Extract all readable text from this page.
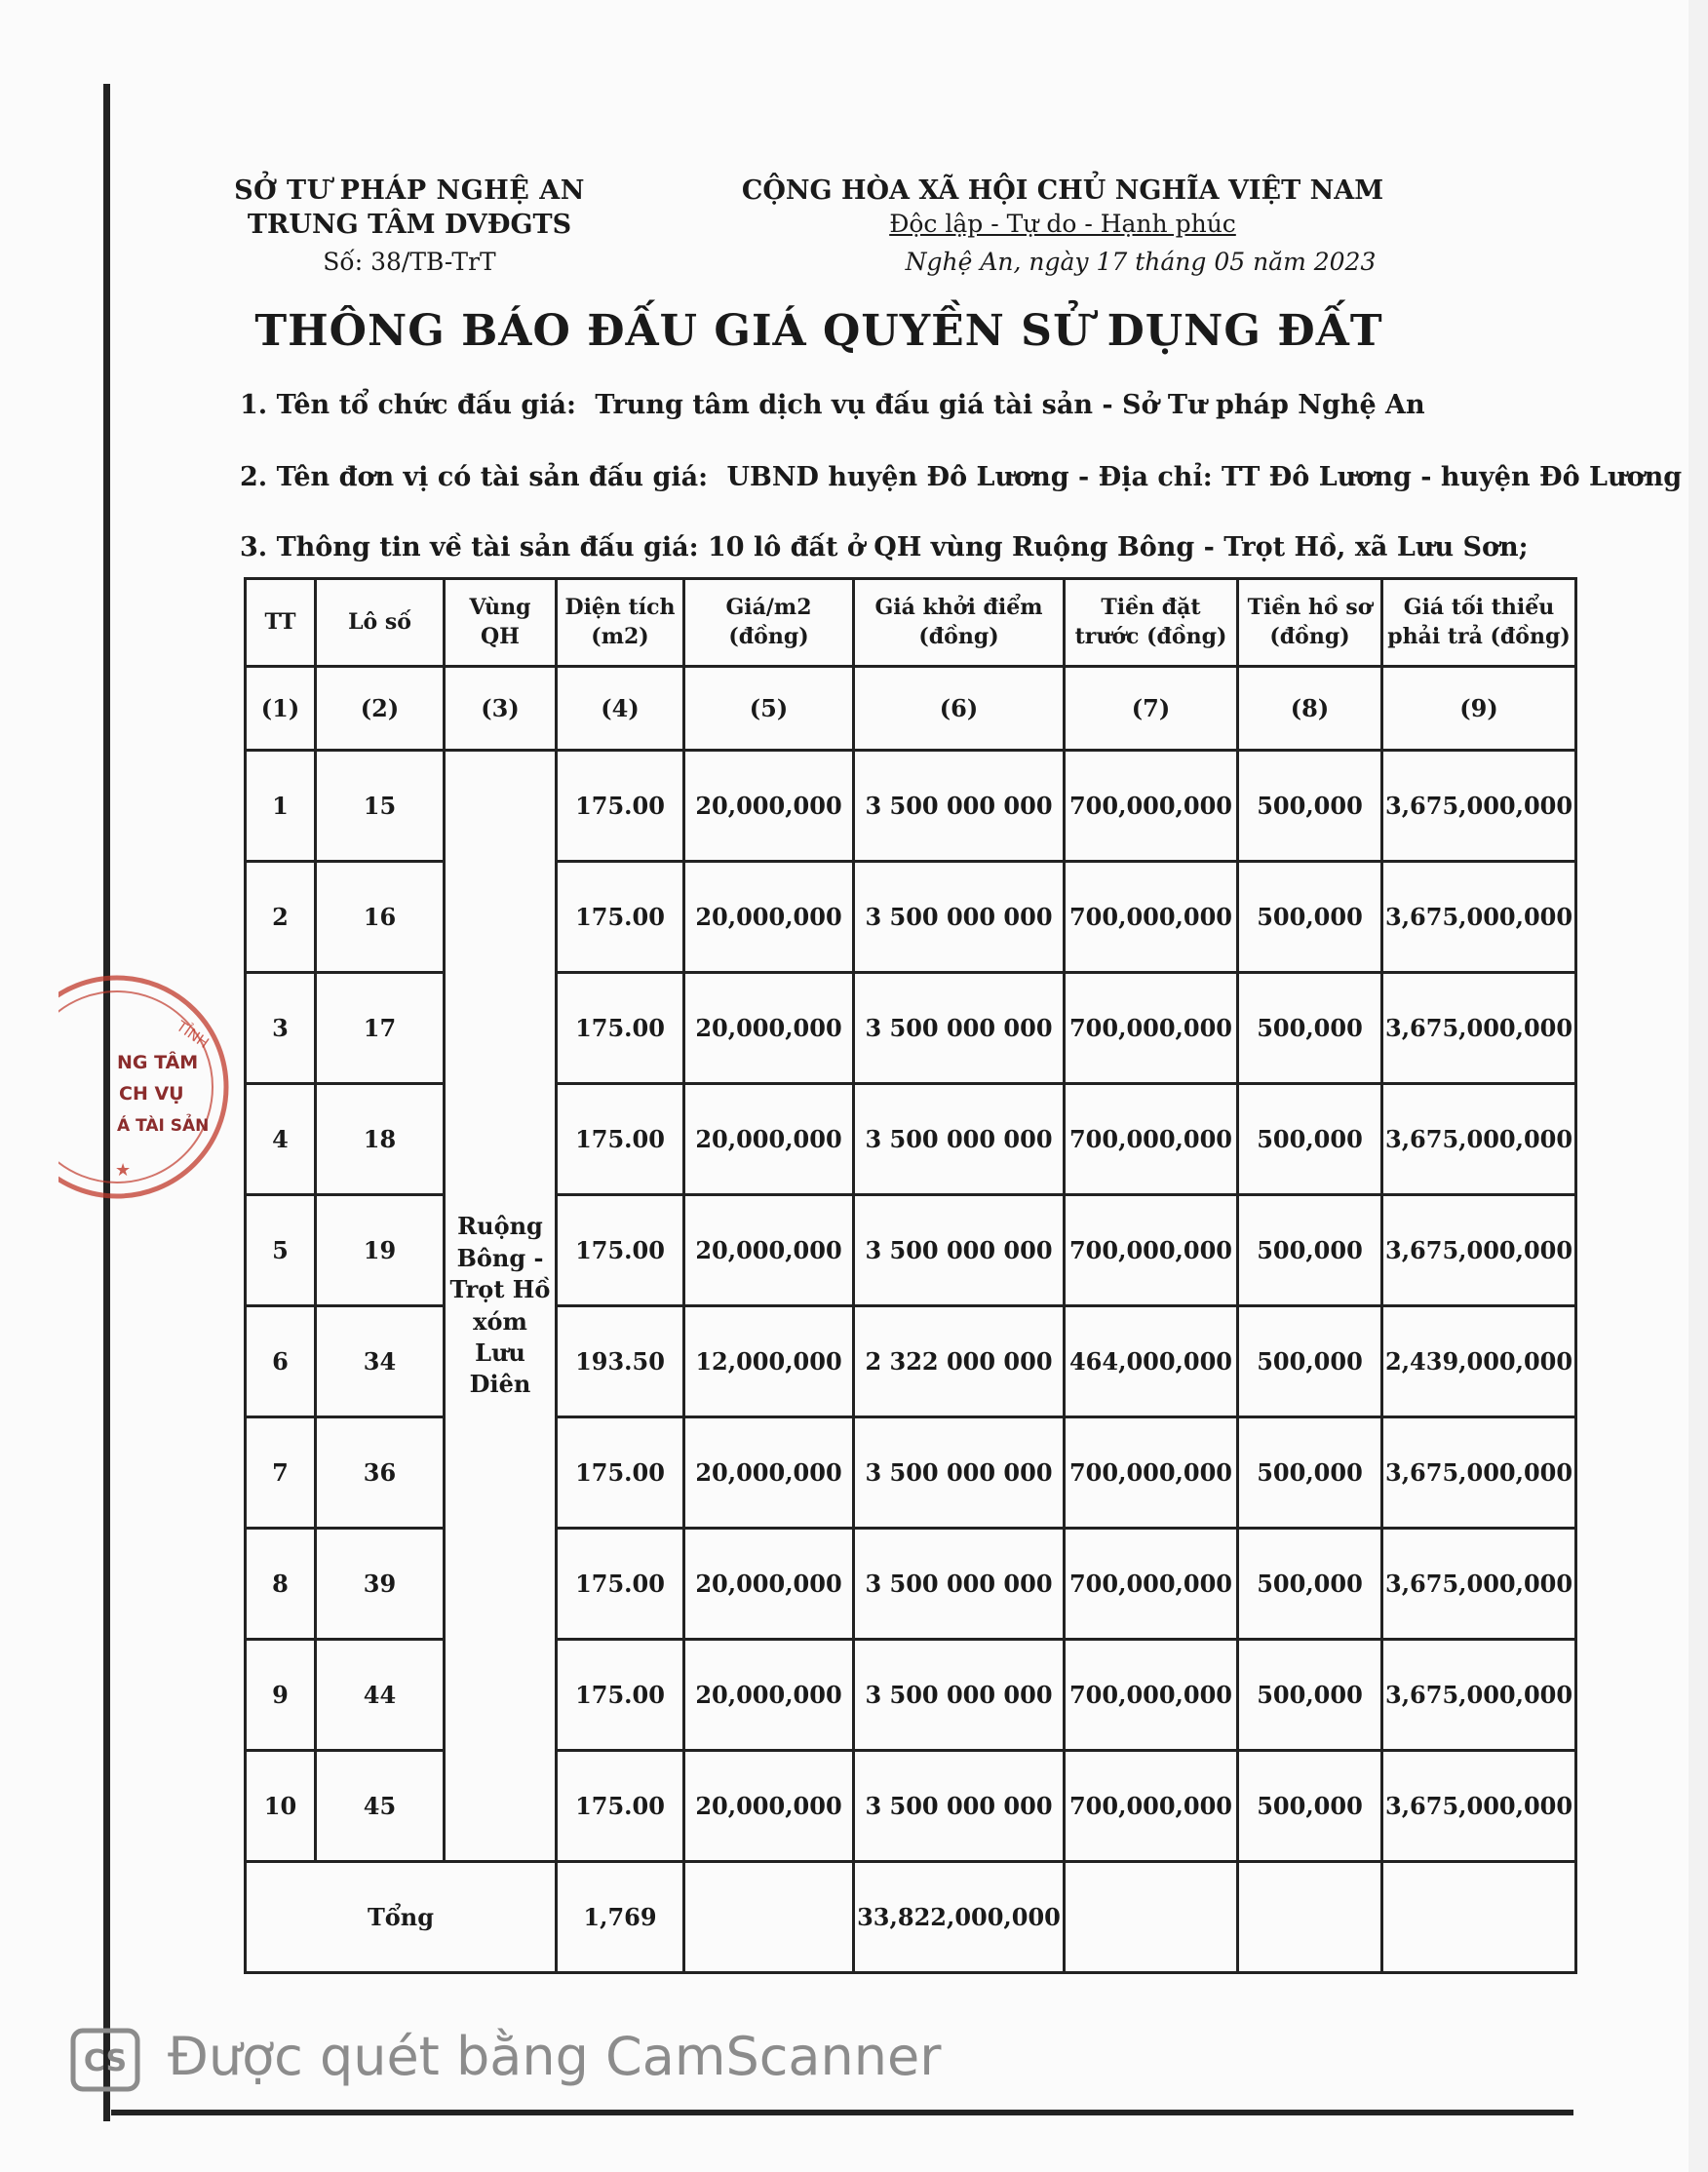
SỞ TƯ PHÁP NGHỆ AN
TRUNG TÂM DVĐGTS
Số: 38/TB-TrT
CỘNG HÒA XÃ HỘI CHỦ NGHĨA VIỆT NAM
Độc lập - Tự do - Hạnh phúc
Nghệ An, ngày 17 tháng 05 năm 2023
THÔNG BÁO ĐẤU GIÁ QUYỀN SỬ DỤNG ĐẤT
1. Tên tổ chức đấu giá: Trung tâm dịch vụ đấu giá tài sản - Sở Tư pháp Nghệ An
2. Tên đơn vị có tài sản đấu giá: UBND huyện Đô Lương - Địa chỉ: TT Đô Lương - huyện Đô Lương
3. Thông tin về tài sản đấu giá: 10 lô đất ở QH vùng Ruộng Bông - Trọt Hồ, xã Lưu Sơn;
TT	Lô số	Vùng QH	Diện tích (m2)	Giá/m2 (đồng)	Giá khởi điểm (đồng)	Tiền đặt trước (đồng)	Tiền hồ sơ (đồng)	Giá tối thiểu phải trả (đồng)
(1)	(2)	(3)	(4)	(5)	(6)	(7)	(8)	(9)
1	15	Ruộng Bông - Trọt Hồ xóm Lưu Diên	175.00	20,000,000	3 500 000 000	700,000,000	500,000	3,675,000,000
2	16		175.00	20,000,000	3 500 000 000	700,000,000	500,000	3,675,000,000
3	17		175.00	20,000,000	3 500 000 000	700,000,000	500,000	3,675,000,000
4	18		175.00	20,000,000	3 500 000 000	700,000,000	500,000	3,675,000,000
5	19		175.00	20,000,000	3 500 000 000	700,000,000	500,000	3,675,000,000
6	34		193.50	12,000,000	2 322 000 000	464,000,000	500,000	2,439,000,000
7	36		175.00	20,000,000	3 500 000 000	700,000,000	500,000	3,675,000,000
8	39		175.00	20,000,000	3 500 000 000	700,000,000	500,000	3,675,000,000
9	44		175.00	20,000,000	3 500 000 000	700,000,000	500,000	3,675,000,000
10	45		175.00	20,000,000	3 500 000 000	700,000,000	500,000	3,675,000,000
Tổng			1,769		33,822,000,000			
TỈNH
NG TÂM
CH VỤ
Á TÀI SẢN
★
CS Được quét bằng CamScanner
